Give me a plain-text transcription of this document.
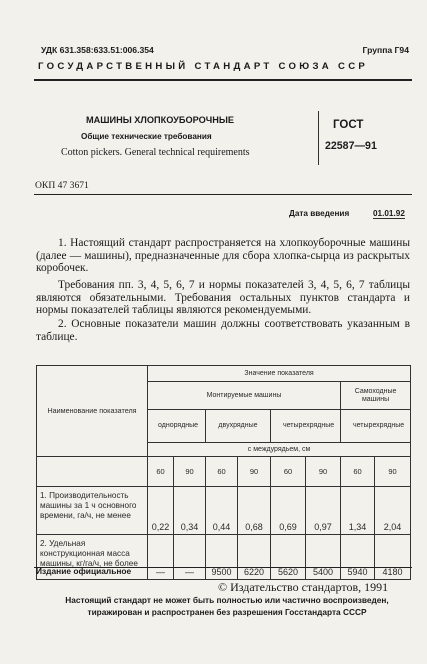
УДК 631.358:633.51:006.354	Группа Г94
ГОСУДАРСТВЕННЫЙ СТАНДАРТ СОЮЗА ССР
МАШИНЫ ХЛОПКОУБОРОЧНЫЕ
Общие технические требования
Cotton pickers. General technical requirements
ГОСТ
22587—91
ОКП 47 3671
Дата введения	01.01.92

1. Настоящий стандарт распространяется на хлопкоуборочные машины (далее — машины), предназначенные для сбора хлопка-сырца из раскрытых коробочек.

Требования пп. 3, 4, 5, 6, 7 и нормы показателей 3, 4, 5, 6, 7 таблицы являются обязательными. Требования остальных пунктов стандарта и нормы показателей таблицы являются рекомендуемыми.

2. Основные показатели машин должны соответствовать указанным в таблице.

Наименование показателя	Значение показателя							
	Монтируемые машины						Самоходные машины	
	однорядные		двухрядные		четырехрядные		четырехрядные	
	с междурядьем, см							
	60	90	60	90	60	90	60	90
1. Производительность машины за 1 ч основного времени, га/ч, не менее	0,22	0,34	0,44	0,68	0,69	0,97	1,34	2,04
2. Удельная конструкционная масса машины, кг/га/ч, не более	—	—	9500	6220	5620	5400	5940	4180
Издание официальное
© Издательство стандартов, 1991
Настоящий стандарт не может быть полностью или частично воспроизведен, тиражирован и распространен без разрешения Госстандарта СССР
